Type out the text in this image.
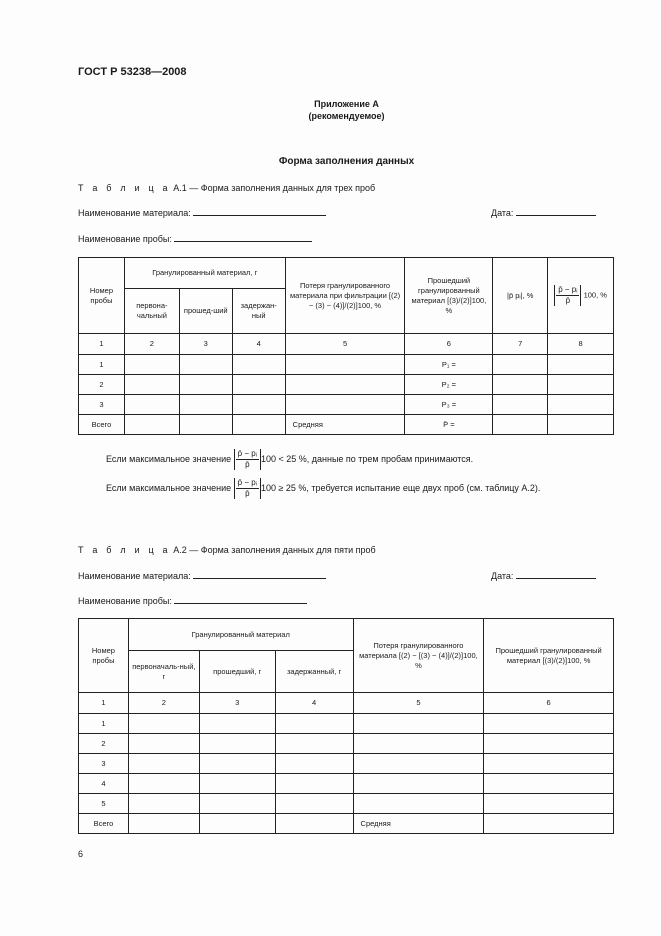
ГОСТ Р 53238—2008
Приложение А
(рекомендуемое)
Форма заполнения данных
Т а б л и ц а А.1 — Форма заполнения данных для трех проб
Наименование материала:	Дата:
Наименование пробы:
Номер пробы	Гранулированный материал, г			Потеря гранулированного материала при фильтрации [(2) − (3) − (4)]/(2)]100, %	Прошедший гранулированный материал [(3)/(2)]100, %	|p̄ pᵢ|, %	$\frac{\text{p̄ − pᵢ}}{p̄} 100$, %
	первона-чальный	прошед-ший	задержан-ный				
1	2	3	4	5	6	7	8
1					P₁ =		
2					P₂ =		
3					P₃ =		
Всего				Средняя	P̄ =		
Если максимальное значение $\frac{\text{p̄ − pᵢ}}{p̄} 100 < 25$ %, данные по трем пробам принимаются.
Если максимальное значение $\frac{\text{p̄ − pᵢ}}{p̄} 100 \ge 25$ %, требуется испытание еще двух проб (см. таблицу А.2).
Т а б л и ц а А.2 — Форма заполнения данных для пяти проб
Наименование материала:	Дата:
Наименование пробы:
Номер пробы	Гранулированный материал			Потеря гранулированного материала [(2) − [(3) − (4)]/(2)]100, %	Прошедший гранулированный материал [(3)/(2)]100, %
	первоначаль-ный, г	прошедший, г	задержанный, г		
1	2	3	4	5	6
1					
2					
3					
4					
5					
Всего				Средняя	
6
